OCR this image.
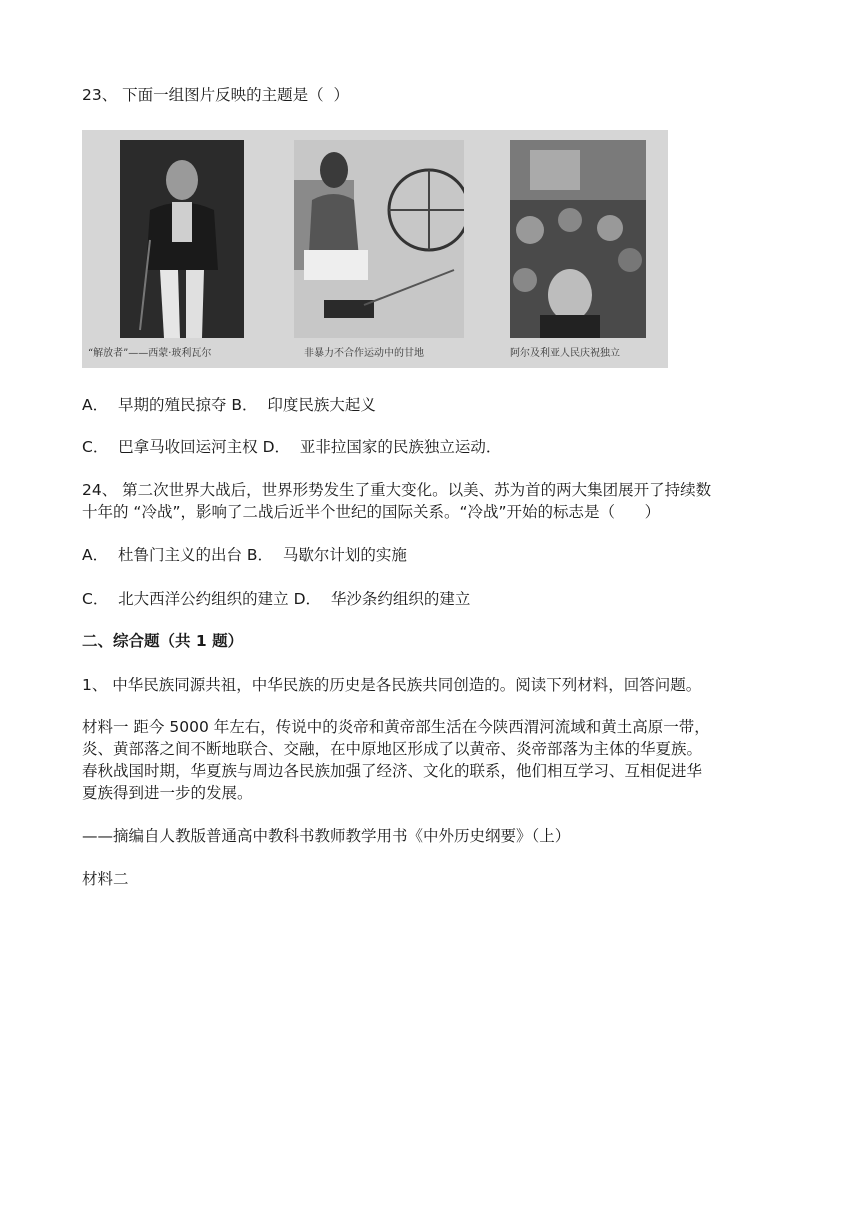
23、 下面一组图片反映的主题是（  ）
“解放者”——西蒙·玻利瓦尔	非暴力不合作运动中的甘地	阿尔及利亚人民庆祝独立
A．  早期的殖民掠夺 B．  印度民族大起义
C．  巴拿马收回运河主权 D．  亚非拉国家的民族独立运动．
24、 第二次世界大战后，世界形势发生了重大变化。以美、苏为首的两大集团展开了持续数
十年的 “冷战”，影响了二战后近半个世纪的国际关系。“冷战”开始的标志是（      ）
A．  杜鲁门主义的出台 B．  马歇尔计划的实施
C．  北大西洋公约组织的建立 D．  华沙条约组织的建立
二、综合题（共 1 题）
1、 中华民族同源共祖，中华民族的历史是各民族共同创造的。阅读下列材料，回答问题。
材料一 距今 5000 年左右，传说中的炎帝和黄帝部生活在今陕西渭河流域和黄土高原一带，
炎、黄部落之间不断地联合、交融，在中原地区形成了以黄帝、炎帝部落为主体的华夏族。
春秋战国时期，华夏族与周边各民族加强了经济、文化的联系，他们相互学习、互相促进华
夏族得到进一步的发展。
——摘编自人教版普通高中教科书教师教学用书《中外历史纲要》（上）
材料二
